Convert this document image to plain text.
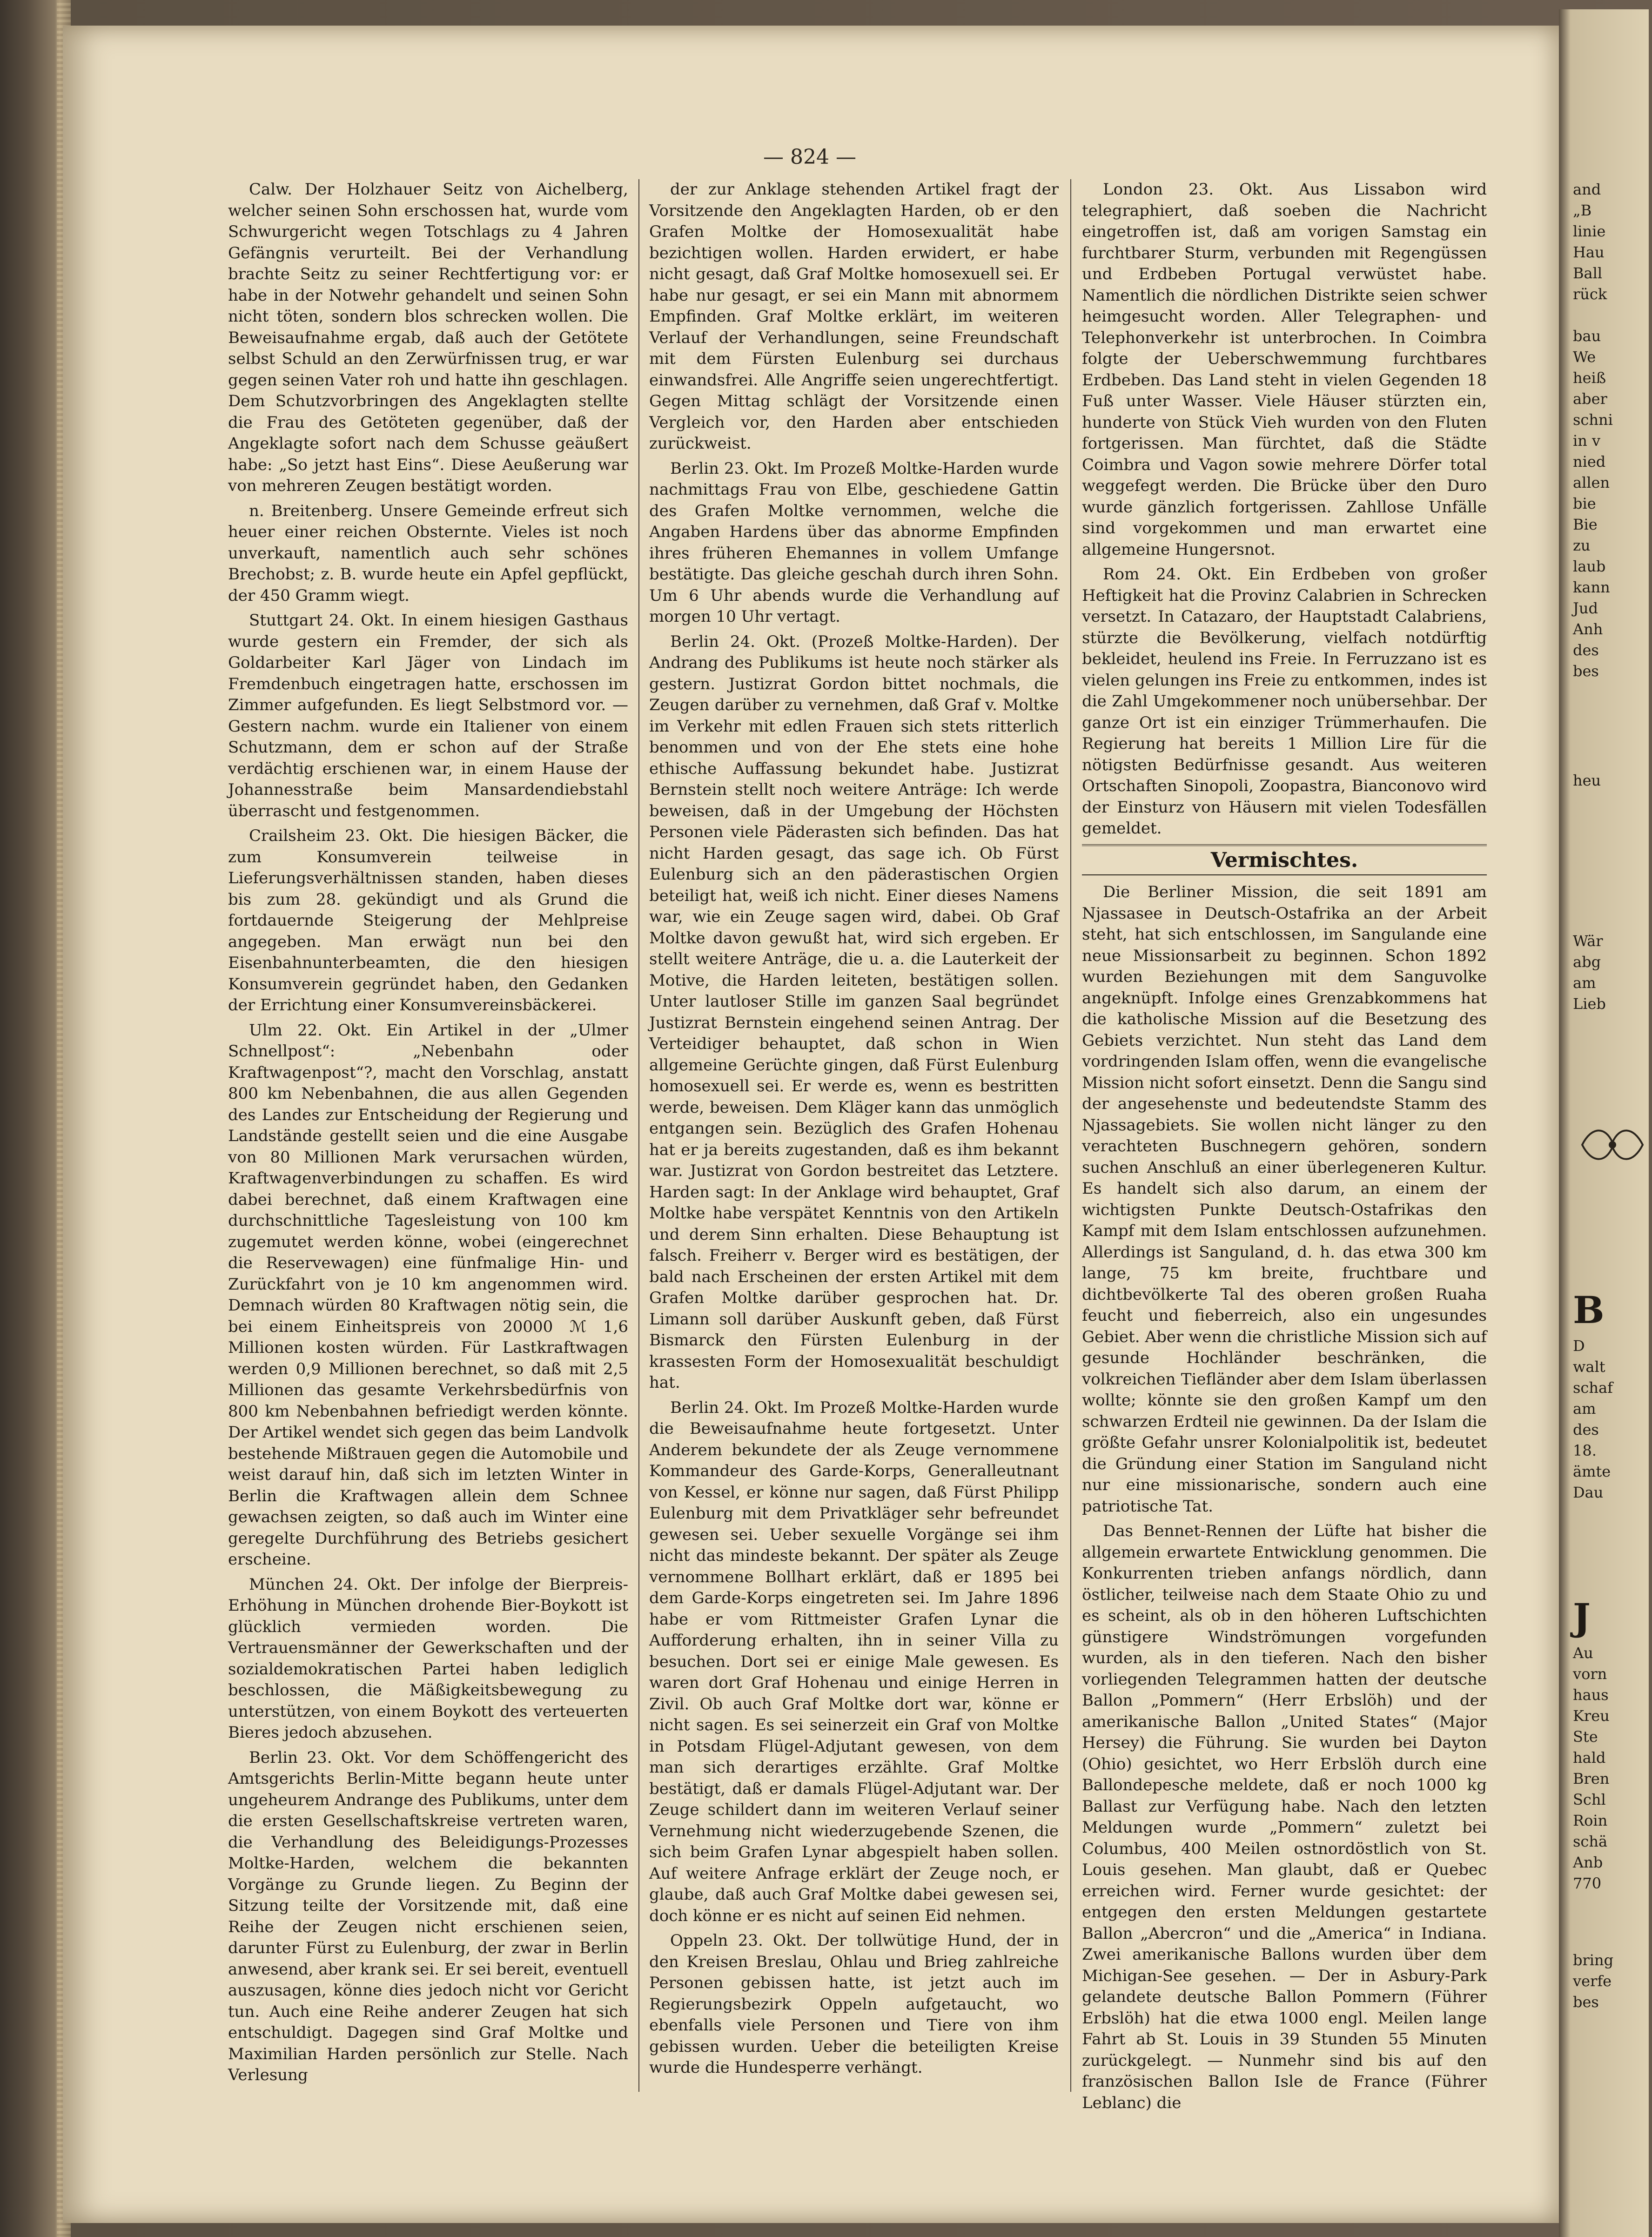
— 824 —

Calw. Der Holzhauer Seitz von Aichelberg, welcher seinen Sohn erschossen hat, wurde vom Schwurgericht wegen Totschlags zu 4 Jahren Gefängnis verurteilt. Bei der Verhandlung brachte Seitz zu seiner Rechtfertigung vor: er habe in der Notwehr gehandelt und seinen Sohn nicht töten, sondern blos schrecken wollen. Die Beweisaufnahme ergab, daß auch der Getötete selbst Schuld an den Zerwürfnissen trug, er war gegen seinen Vater roh und hatte ihn geschlagen. Dem Schutzvorbringen des Angeklagten stellte die Frau des Getöteten gegenüber, daß der Angeklagte sofort nach dem Schusse geäußert habe: „So jetzt hast Eins“. Diese Aeußerung war von mehreren Zeugen bestätigt worden.

n. Breitenberg. Unsere Gemeinde erfreut sich heuer einer reichen Obsternte. Vieles ist noch unverkauft, namentlich auch sehr schönes Brechobst; z. B. wurde heute ein Apfel gepflückt, der 450 Gramm wiegt.

Stuttgart 24. Okt. In einem hiesigen Gasthaus wurde gestern ein Fremder, der sich als Goldarbeiter Karl Jäger von Lindach im Fremdenbuch eingetragen hatte, erschossen im Zimmer aufgefunden. Es liegt Selbstmord vor. — Gestern nachm. wurde ein Italiener von einem Schutzmann, dem er schon auf der Straße verdächtig erschienen war, in einem Hause der Johannesstraße beim Mansardendiebstahl überrascht und festgenommen.

Crailsheim 23. Okt. Die hiesigen Bäcker, die zum Konsumverein teilweise in Lieferungsverhältnissen standen, haben dieses bis zum 28. gekündigt und als Grund die fortdauernde Steigerung der Mehlpreise angegeben. Man erwägt nun bei den Eisenbahnunterbeamten, die den hiesigen Konsumverein gegründet haben, den Gedanken der Errichtung einer Konsumvereinsbäckerei.

Ulm 22. Okt. Ein Artikel in der „Ulmer Schnellpost“: „Nebenbahn oder Kraftwagenpost“?, macht den Vorschlag, anstatt 800 km Nebenbahnen, die aus allen Gegenden des Landes zur Entscheidung der Regierung und Landstände gestellt seien und die eine Ausgabe von 80 Millionen Mark verursachen würden, Kraftwagenverbindungen zu schaffen. Es wird dabei berechnet, daß einem Kraftwagen eine durchschnittliche Tagesleistung von 100 km zugemutet werden könne, wobei (eingerechnet die Reservewagen) eine fünfmalige Hin- und Zurückfahrt von je 10 km angenommen wird. Demnach würden 80 Kraftwagen nötig sein, die bei einem Einheitspreis von 20000 ℳ 1,6 Millionen kosten würden. Für Lastkraftwagen werden 0,9 Millionen berechnet, so daß mit 2,5 Millionen das gesamte Verkehrsbedürfnis von 800 km Nebenbahnen befriedigt werden könnte. Der Artikel wendet sich gegen das beim Landvolk bestehende Mißtrauen gegen die Automobile und weist darauf hin, daß sich im letzten Winter in Berlin die Kraftwagen allein dem Schnee gewachsen zeigten, so daß auch im Winter eine geregelte Durchführung des Betriebs gesichert erscheine.

München 24. Okt. Der infolge der Bierpreis-Erhöhung in München drohende Bier-Boykott ist glücklich vermieden worden. Die Vertrauensmänner der Gewerkschaften und der sozialdemokratischen Partei haben lediglich beschlossen, die Mäßigkeitsbewegung zu unterstützen, von einem Boykott des verteuerten Bieres jedoch abzusehen.

Berlin 23. Okt. Vor dem Schöffengericht des Amtsgerichts Berlin-Mitte begann heute unter ungeheurem Andrange des Publikums, unter dem die ersten Gesellschaftskreise vertreten waren, die Verhandlung des Beleidigungs-Prozesses Moltke-Harden, welchem die bekannten Vorgänge zu Grunde liegen. Zu Beginn der Sitzung teilte der Vorsitzende mit, daß eine Reihe der Zeugen nicht erschienen seien, darunter Fürst zu Eulenburg, der zwar in Berlin anwesend, aber krank sei. Er sei bereit, eventuell auszusagen, könne dies jedoch nicht vor Gericht tun. Auch eine Reihe anderer Zeugen hat sich entschuldigt. Dagegen sind Graf Moltke und Maximilian Harden persönlich zur Stelle. Nach Verlesung

der zur Anklage stehenden Artikel fragt der Vorsitzende den Angeklagten Harden, ob er den Grafen Moltke der Homosexualität habe bezichtigen wollen. Harden erwidert, er habe nicht gesagt, daß Graf Moltke homosexuell sei. Er habe nur gesagt, er sei ein Mann mit abnormem Empfinden. Graf Moltke erklärt, im weiteren Verlauf der Verhandlungen, seine Freundschaft mit dem Fürsten Eulenburg sei durchaus einwandsfrei. Alle Angriffe seien ungerechtfertigt. Gegen Mittag schlägt der Vorsitzende einen Vergleich vor, den Harden aber entschieden zurückweist.

Berlin 23. Okt. Im Prozeß Moltke-Harden wurde nachmittags Frau von Elbe, geschiedene Gattin des Grafen Moltke vernommen, welche die Angaben Hardens über das abnorme Empfinden ihres früheren Ehemannes in vollem Umfange bestätigte. Das gleiche geschah durch ihren Sohn. Um 6 Uhr abends wurde die Verhandlung auf morgen 10 Uhr vertagt.

Berlin 24. Okt. (Prozeß Moltke-Harden). Der Andrang des Publikums ist heute noch stärker als gestern. Justizrat Gordon bittet nochmals, die Zeugen darüber zu vernehmen, daß Graf v. Moltke im Verkehr mit edlen Frauen sich stets ritterlich benommen und von der Ehe stets eine hohe ethische Auffassung bekundet habe. Justizrat Bernstein stellt noch weitere Anträge: Ich werde beweisen, daß in der Umgebung der Höchsten Personen viele Päderasten sich befinden. Das hat nicht Harden gesagt, das sage ich. Ob Fürst Eulenburg sich an den päderastischen Orgien beteiligt hat, weiß ich nicht. Einer dieses Namens war, wie ein Zeuge sagen wird, dabei. Ob Graf Moltke davon gewußt hat, wird sich ergeben. Er stellt weitere Anträge, die u. a. die Lauterkeit der Motive, die Harden leiteten, bestätigen sollen. Unter lautloser Stille im ganzen Saal begründet Justizrat Bernstein eingehend seinen Antrag. Der Verteidiger behauptet, daß schon in Wien allgemeine Gerüchte gingen, daß Fürst Eulenburg homosexuell sei. Er werde es, wenn es bestritten werde, beweisen. Dem Kläger kann das unmöglich entgangen sein. Bezüglich des Grafen Hohenau hat er ja bereits zugestanden, daß es ihm bekannt war. Justizrat von Gordon bestreitet das Letztere. Harden sagt: In der Anklage wird behauptet, Graf Moltke habe verspätet Kenntnis von den Artikeln und derem Sinn erhalten. Diese Behauptung ist falsch. Freiherr v. Berger wird es bestätigen, der bald nach Erscheinen der ersten Artikel mit dem Grafen Moltke darüber gesprochen hat. Dr. Limann soll darüber Auskunft geben, daß Fürst Bismarck den Fürsten Eulenburg in der krassesten Form der Homosexualität beschuldigt hat.

Berlin 24. Okt. Im Prozeß Moltke-Harden wurde die Beweisaufnahme heute fortgesetzt. Unter Anderem bekundete der als Zeuge vernommene Kommandeur des Garde-Korps, Generalleutnant von Kessel, er könne nur sagen, daß Fürst Philipp Eulenburg mit dem Privatkläger sehr befreundet gewesen sei. Ueber sexuelle Vorgänge sei ihm nicht das mindeste bekannt. Der später als Zeuge vernommene Bollhart erklärt, daß er 1895 bei dem Garde-Korps eingetreten sei. Im Jahre 1896 habe er vom Rittmeister Grafen Lynar die Aufforderung erhalten, ihn in seiner Villa zu besuchen. Dort sei er einige Male gewesen. Es waren dort Graf Hohenau und einige Herren in Zivil. Ob auch Graf Moltke dort war, könne er nicht sagen. Es sei seinerzeit ein Graf von Moltke in Potsdam Flügel-Adjutant gewesen, von dem man sich derartiges erzählte. Graf Moltke bestätigt, daß er damals Flügel-Adjutant war. Der Zeuge schildert dann im weiteren Verlauf seiner Vernehmung nicht wiederzugebende Szenen, die sich beim Grafen Lynar abgespielt haben sollen. Auf weitere Anfrage erklärt der Zeuge noch, er glaube, daß auch Graf Moltke dabei gewesen sei, doch könne er es nicht auf seinen Eid nehmen.

Oppeln 23. Okt. Der tollwütige Hund, der in den Kreisen Breslau, Ohlau und Brieg zahlreiche Personen gebissen hatte, ist jetzt auch im Regierungsbezirk Oppeln aufgetaucht, wo ebenfalls viele Personen und Tiere von ihm gebissen wurden. Ueber die beteiligten Kreise wurde die Hundesperre verhängt.

London 23. Okt. Aus Lissabon wird telegraphiert, daß soeben die Nachricht eingetroffen ist, daß am vorigen Samstag ein furchtbarer Sturm, verbunden mit Regengüssen und Erdbeben Portugal verwüstet habe. Namentlich die nördlichen Distrikte seien schwer heimgesucht worden. Aller Telegraphen- und Telephonverkehr ist unterbrochen. In Coimbra folgte der Ueberschwemmung furchtbares Erdbeben. Das Land steht in vielen Gegenden 18 Fuß unter Wasser. Viele Häuser stürzten ein, hunderte von Stück Vieh wurden von den Fluten fortgerissen. Man fürchtet, daß die Städte Coimbra und Vagon sowie mehrere Dörfer total weggefegt werden. Die Brücke über den Duro wurde gänzlich fortgerissen. Zahllose Unfälle sind vorgekommen und man erwartet eine allgemeine Hungersnot.

Rom 24. Okt. Ein Erdbeben von großer Heftigkeit hat die Provinz Calabrien in Schrecken versetzt. In Catazaro, der Hauptstadt Calabriens, stürzte die Bevölkerung, vielfach notdürftig bekleidet, heulend ins Freie. In Ferruzzano ist es vielen gelungen ins Freie zu entkommen, indes ist die Zahl Umgekommener noch unübersehbar. Der ganze Ort ist ein einziger Trümmerhaufen. Die Regierung hat bereits 1 Million Lire für die nötigsten Bedürfnisse gesandt. Aus weiteren Ortschaften Sinopoli, Zoopastra, Bianconovo wird der Einsturz von Häusern mit vielen Todesfällen gemeldet.

Vermischtes.

Die Berliner Mission, die seit 1891 am Njassasee in Deutsch-Ostafrika an der Arbeit steht, hat sich entschlossen, im Sangulande eine neue Missionsarbeit zu beginnen. Schon 1892 wurden Beziehungen mit dem Sanguvolke angeknüpft. Infolge eines Grenzabkommens hat die katholische Mission auf die Besetzung des Gebiets verzichtet. Nun steht das Land dem vordringenden Islam offen, wenn die evangelische Mission nicht sofort einsetzt. Denn die Sangu sind der angesehenste und bedeutendste Stamm des Njassagebiets. Sie wollen nicht länger zu den verachteten Buschnegern gehören, sondern suchen Anschluß an einer überlegeneren Kultur. Es handelt sich also darum, an einem der wichtigsten Punkte Deutsch-Ostafrikas den Kampf mit dem Islam entschlossen aufzunehmen. Allerdings ist Sanguland, d. h. das etwa 300 km lange, 75 km breite, fruchtbare und dichtbevölkerte Tal des oberen großen Ruaha feucht und fieberreich, also ein ungesundes Gebiet. Aber wenn die christliche Mission sich auf gesunde Hochländer beschränken, die volkreichen Tiefländer aber dem Islam überlassen wollte; könnte sie den großen Kampf um den schwarzen Erdteil nie gewinnen. Da der Islam die größte Gefahr unsrer Kolonialpolitik ist, bedeutet die Gründung einer Station im Sanguland nicht nur eine missionarische, sondern auch eine patriotische Tat.

Das Bennet-Rennen der Lüfte hat bisher die allgemein erwartete Entwicklung genommen. Die Konkurrenten trieben anfangs nördlich, dann östlicher, teilweise nach dem Staate Ohio zu und es scheint, als ob in den höheren Luftschichten günstigere Windströmungen vorgefunden wurden, als in den tieferen. Nach den bisher vorliegenden Telegrammen hatten der deutsche Ballon „Pommern“ (Herr Erbslöh) und der amerikanische Ballon „United States“ (Major Hersey) die Führung. Sie wurden bei Dayton (Ohio) gesichtet, wo Herr Erbslöh durch eine Ballondepesche meldete, daß er noch 1000 kg Ballast zur Verfügung habe. Nach den letzten Meldungen wurde „Pommern“ zuletzt bei Columbus, 400 Meilen ostnordöstlich von St. Louis gesehen. Man glaubt, daß er Quebec erreichen wird. Ferner wurde gesichtet: der entgegen den ersten Meldungen gestartete Ballon „Abercron“ und die „America“ in Indiana. Zwei amerikanische Ballons wurden über dem Michigan-See gesehen. — Der in Asbury-Park gelandete deutsche Ballon Pommern (Führer Erbslöh) hat die etwa 1000 engl. Meilen lange Fahrt ab St. Louis in 39 Stunden 55 Minuten zurückgelegt. — Nunmehr sind bis auf den französischen Ballon Isle de France (Führer Leblanc) die

and
„B
linie
Hau
Ball
rück

bau
We
heiß
aber
schni
in v
nied
allen
bie
Bie
zu
laub
kann
Jud
Anh
des
bes
heu
Wär
abg
am
Lieb
B
D
walt
schaf
am
des
18.
ämte
Dau
J
Au
vorn
haus
Kreu
Ste
hald
Bren
Schl
Roin
schä
Anb
770
bring
verfe
bes
